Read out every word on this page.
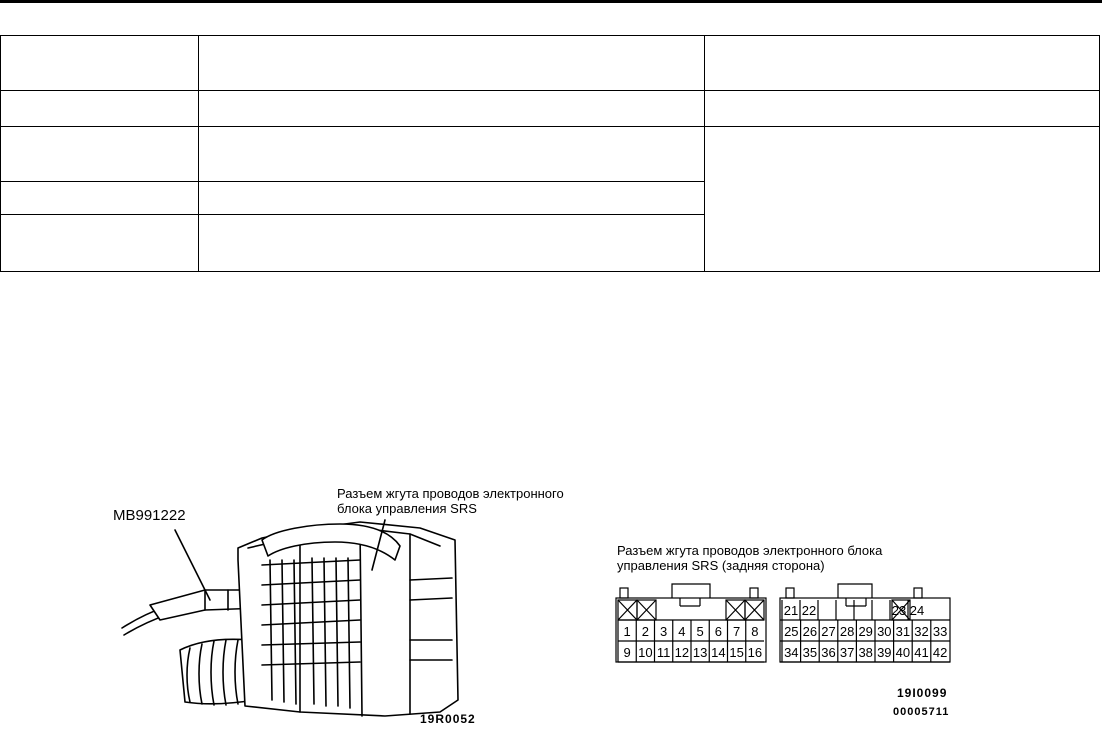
1 2 3 4 5 6 7 8
9 10 11 12 13 14 15 16
21 22	23 24
25 26 27 28 29 30 31 32 33
34 35 36 37 38 39 40 41 42
MB991222
Разъем жгута проводов электронного
блока управления SRS
19R0052
Разъем жгута проводов электронного блока
управления SRS (задняя сторона)
19I0099
00005711
